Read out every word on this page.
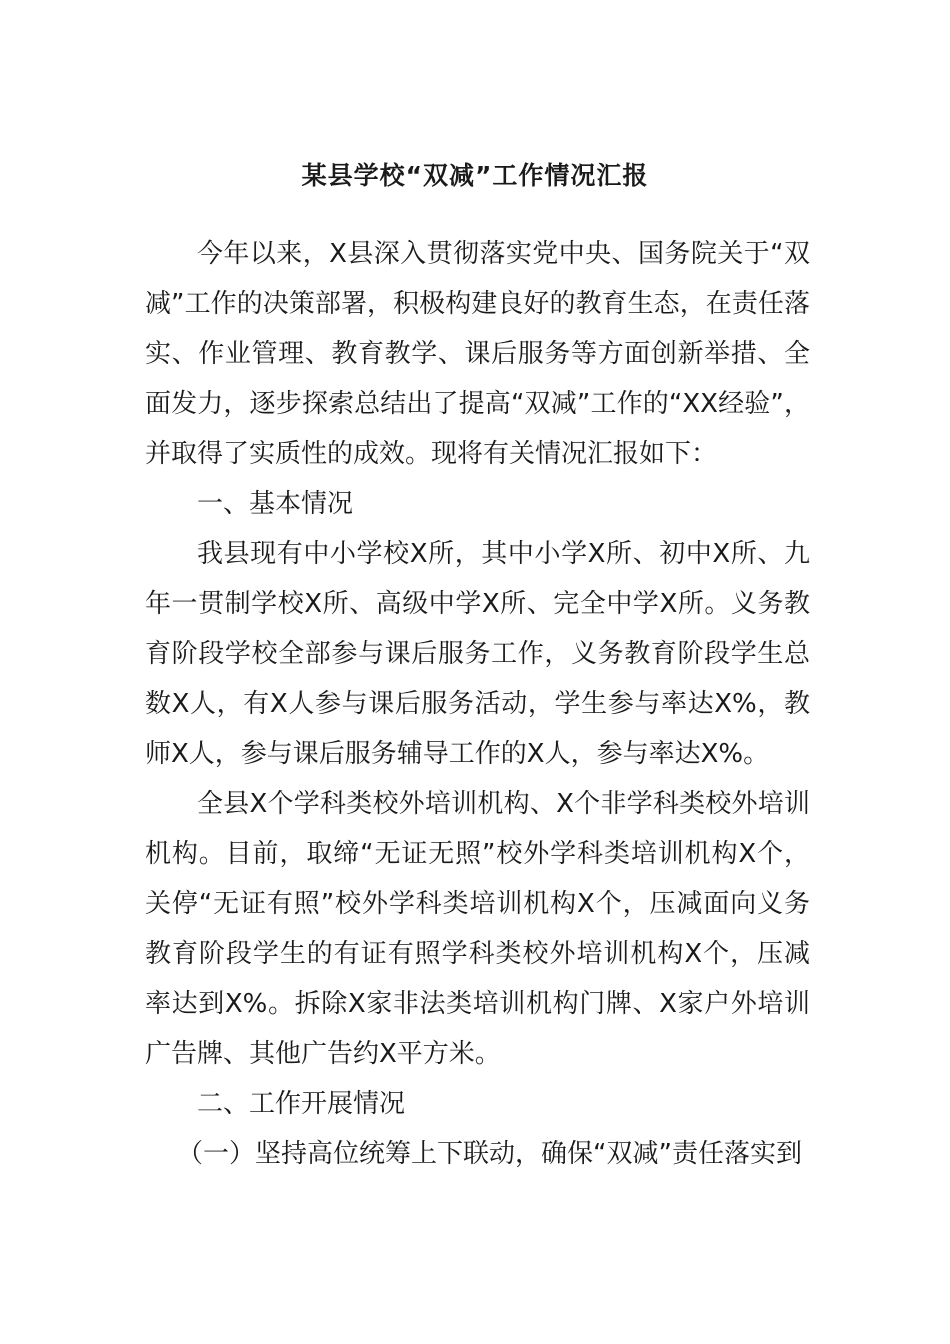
某县学校“双减”工作情况汇报

今年以来，X县深入贯彻落实党中央、国务院关于“双减”工作的决策部署，积极构建良好的教育生态，在责任落实、作业管理、教育教学、课后服务等方面创新举措、全面发力，逐步探索总结出了提高“双减”工作的“XX经验”，并取得了实质性的成效。现将有关情况汇报如下：

一、基本情况

我县现有中小学校X所，其中小学X所、初中X所、九年一贯制学校X所、高级中学X所、完全中学X所。义务教育阶段学校全部参与课后服务工作，义务教育阶段学生总数X人，有X人参与课后服务活动，学生参与率达X%，教师X人，参与课后服务辅导工作的X人，参与率达X%。

全县X个学科类校外培训机构、X个非学科类校外培训机构。目前，取缔“无证无照”校外学科类培训机构X个，关停“无证有照”校外学科类培训机构X个，压减面向义务教育阶段学生的有证有照学科类校外培训机构X个，压减率达到X%。拆除X家非法类培训机构门牌、X家户外培训广告牌、其他广告约X平方米。

二、工作开展情况

（一）坚持高位统筹上下联动，确保“双减”责任落实到
